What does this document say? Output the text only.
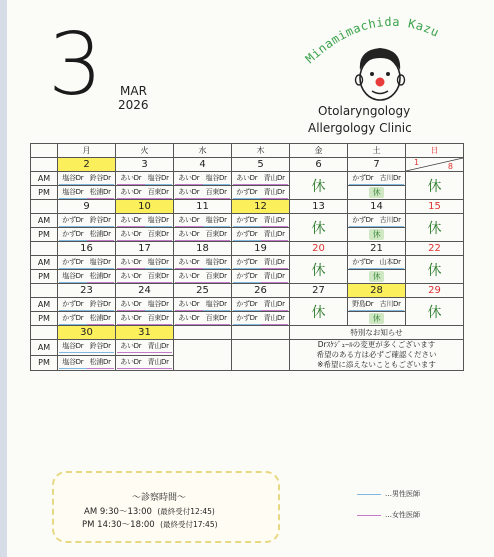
3 MAR
2026
Minamimachida Kazu
Otolaryngology
Allergology Clinic
	月	火	水	木	金	土	日
	2	3	4	5	6	7	1 8

AM	塩谷Dr 鈴谷Dr	あいDr 塩谷Dr	あいDr 塩谷Dr	あいDr 青山Dr	休	かずDr 古川Dr	休
PM	塩谷Dr 松浦Dr	あいDr 百束Dr	あいDr 百束Dr	かずDr 青山Dr		休	
	9	10	11	12	13	14	15
AM	かずDr 鈴谷Dr	あいDr 塩谷Dr	あいDr 塩谷Dr	かずDr 青山Dr	休	かずDr 古川Dr	休
PM	かずDr 松浦Dr	あいDr 百束Dr	あいDr 百束Dr	かずDr 青山Dr		休	
	16	17	18	19	20	21	22
AM	かずDr 塩谷Dr	あいDr 塩谷Dr	あいDr 塩谷Dr	かずDr 青山Dr	休	かずDr 山本Dr	休
PM	塩谷Dr 松浦Dr	あいDr 百束Dr	あいDr 百束Dr	かずDr 青山Dr		休	
	23	24	25	26	27	28	29
AM	かずDr 鈴谷Dr	あいDr 塩谷Dr	あいDr 塩谷Dr	かずDr 青山Dr	休	野島Dr 古川Dr	休
PM	かずDr 松浦Dr	あいDr 百束Dr	あいDr 百束Dr	かずDr 青山Dr		休	
	30	31			特別なお知らせ		
AM	塩谷Dr 鈴谷Dr	あいDr 青山Dr			Drｽｹｼﾞｭｰﾙの変更が多くございます
希望のある方は必ずご確認ください
※希望に添えないこともございます		

PM	塩谷Dr 松浦Dr	あいDr 青山Dr					
〜診察時間〜
AM 9:30〜13:00 (最終受付12:45)
PM 14:30〜18:00 (最終受付17:45)
…男性医師
…女性医師
